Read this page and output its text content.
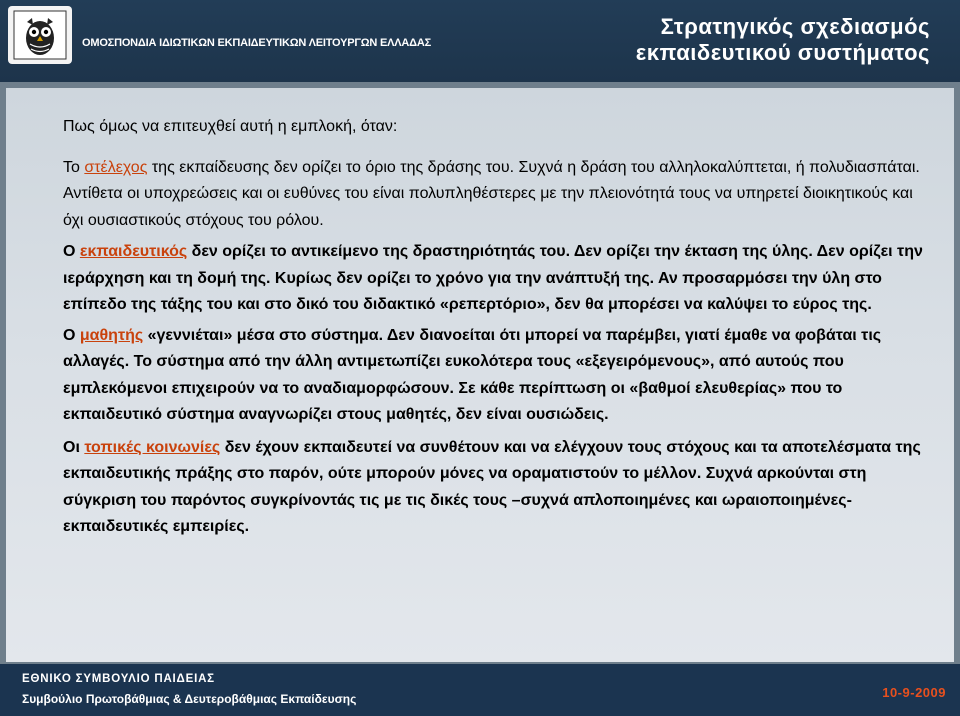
ΟΜΟΣΠΟΝΔΙΑ ΙΔΙΩΤΙΚΩΝ ΕΚΠΑΙΔΕΥΤΙΚΩΝ ΛΕΙΤΟΥΡΓΩΝ ΕΛΛΑΔΑΣ
Στρατηγικός σχεδιασμός
εκπαιδευτικού συστήματος

Πως όμως να επιτευχθεί αυτή η εμπλοκή, όταν:

Το στέλεχος της εκπαίδευσης δεν ορίζει το όριο της δράσης του. Συχνά η δράση του αλληλοκαλύπτεται, ή πολυδιασπάται. Αντίθετα οι υποχρεώσεις και οι ευθύνες του είναι πολυπληθέστερες με την πλειονότητά τους να υπηρετεί διοικητικούς και όχι ουσιαστικούς στόχους του ρόλου.

Ο εκπαιδευτικός δεν ορίζει το αντικείμενο της δραστηριότητάς του. Δεν ορίζει την έκταση της ύλης. Δεν ορίζει την ιεράρχηση και τη δομή της. Κυρίως δεν ορίζει το χρόνο για την ανάπτυξή της. Αν προσαρμόσει την ύλη στο επίπεδο της τάξης του και στο δικό του διδακτικό «ρεπερτόριο», δεν θα μπορέσει να καλύψει το εύρος της.

Ο μαθητής «γεννιέται» μέσα στο σύστημα. Δεν διανοείται ότι μπορεί να παρέμβει, γιατί έμαθε να φοβάται τις αλλαγές. Το σύστημα από την άλλη αντιμετωπίζει ευκολότερα τους «εξεγειρόμενους», από αυτούς που εμπλεκόμενοι επιχειρούν να το αναδιαμορφώσουν. Σε κάθε περίπτωση οι «βαθμοί ελευθερίας» που το εκπαιδευτικό σύστημα αναγνωρίζει στους μαθητές, δεν είναι ουσιώδεις.

Οι τοπικές κοινωνίες δεν έχουν εκπαιδευτεί να συνθέτουν και να ελέγχουν τους στόχους και τα αποτελέσματα της εκπαιδευτικής πράξης στο παρόν, ούτε μπορούν μόνες να οραματιστούν το μέλλον. Συχνά αρκούνται στη σύγκριση του παρόντος συγκρίνοντάς τις με τις δικές τους –συχνά απλοποιημένες και ωραιοποιημένες- εκπαιδευτικές εμπειρίες.

ΕΘΝΙΚΟ ΣΥΜΒΟΥΛΙΟ ΠΑΙΔΕΙΑΣ
Συμβούλιο Πρωτοβάθμιας & Δευτεροβάθμιας Εκπαίδευσης	10-9-2009
